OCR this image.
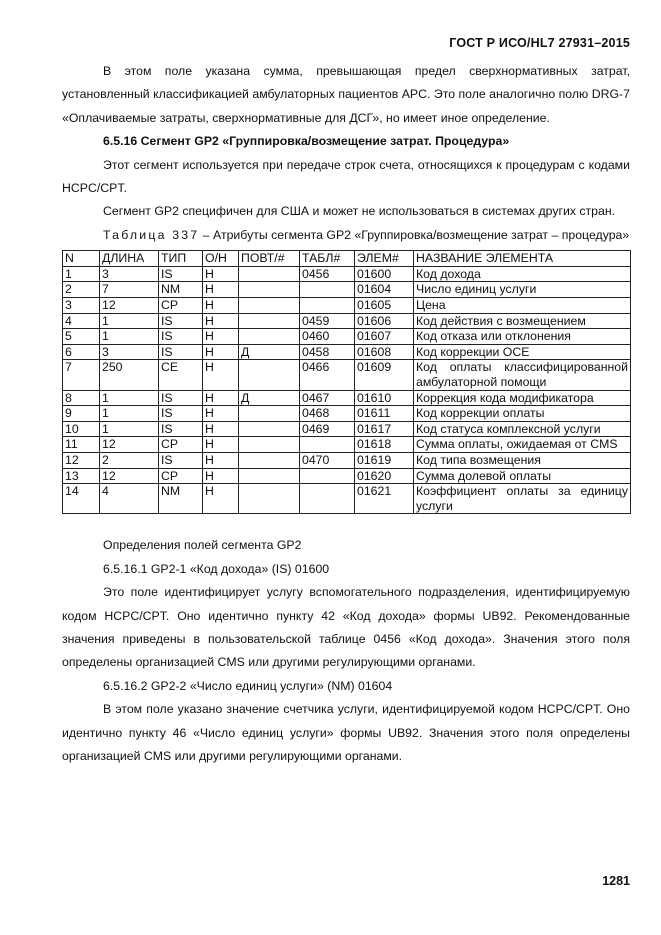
ГОСТ Р ИСО/HL7 27931–2015

В этом поле указана сумма, превышающая предел сверхнормативных затрат, установленный классификацией амбулаторных пациентов APC. Это поле аналогично полю DRG-7 «Оплачиваемые затраты, сверхнормативные для ДСГ», но имеет иное определение.

6.5.16 Сегмент GP2 «Группировка/возмещение затрат. Процедура»

Этот сегмент используется при передаче строк счета, относящихся к процедурам с кодами HCPC/CPT.

Сегмент GP2 специфичен для США и может не использоваться в системах других стран.

Таблица 337 – Атрибуты сегмента GP2 «Группировка/возмещение затрат – процедура»

N	ДЛИНА	ТИП	О/Н	ПОВТ/#	ТАБЛ#	ЭЛЕМ#	НАЗВАНИЕ ЭЛЕМЕНТА
1	3	IS	Н		0456	01600	Код дохода
2	7	NM	Н			01604	Число единиц услуги
3	12	CP	Н			01605	Цена
4	1	IS	Н		0459	01606	Код действия с возмещением
5	1	IS	Н		0460	01607	Код отказа или отклонения
6	3	IS	Н	Д	0458	01608	Код коррекции OCE
7	250	CE	Н		0466	01609	Код оплаты классифицированной амбулаторной помощи
8	1	IS	Н	Д	0467	01610	Коррекция кода модификатора
9	1	IS	Н		0468	01611	Код коррекции оплаты
10	1	IS	Н		0469	01617	Код статуса комплексной услуги
11	12	CP	Н			01618	Сумма оплаты, ожидаемая от CMS
12	2	IS	Н		0470	01619	Код типа возмещения
13	12	CP	Н			01620	Сумма долевой оплаты
14	4	NM	Н			01621	Коэффициент оплаты за единицу услуги

Определения полей сегмента GP2

6.5.16.1 GP2-1 «Код дохода» (IS) 01600

Это поле идентифицирует услугу вспомогательного подразделения, идентифицируемую кодом HCPC/CPT. Оно идентично пункту 42 «Код дохода» формы UB92. Рекомендованные значения приведены в пользовательской таблице 0456 «Код дохода». Значения этого поля определены организацией CMS или другими регулирующими органами.

6.5.16.2 GP2-2 «Число единиц услуги» (NM) 01604

В этом поле указано значение счетчика услуги, идентифицируемой кодом HCPC/CPT. Оно идентично пункту 46 «Число единиц услуги» формы UB92. Значения этого поля определены организацией CMS или другими регулирующими органами.

1281
